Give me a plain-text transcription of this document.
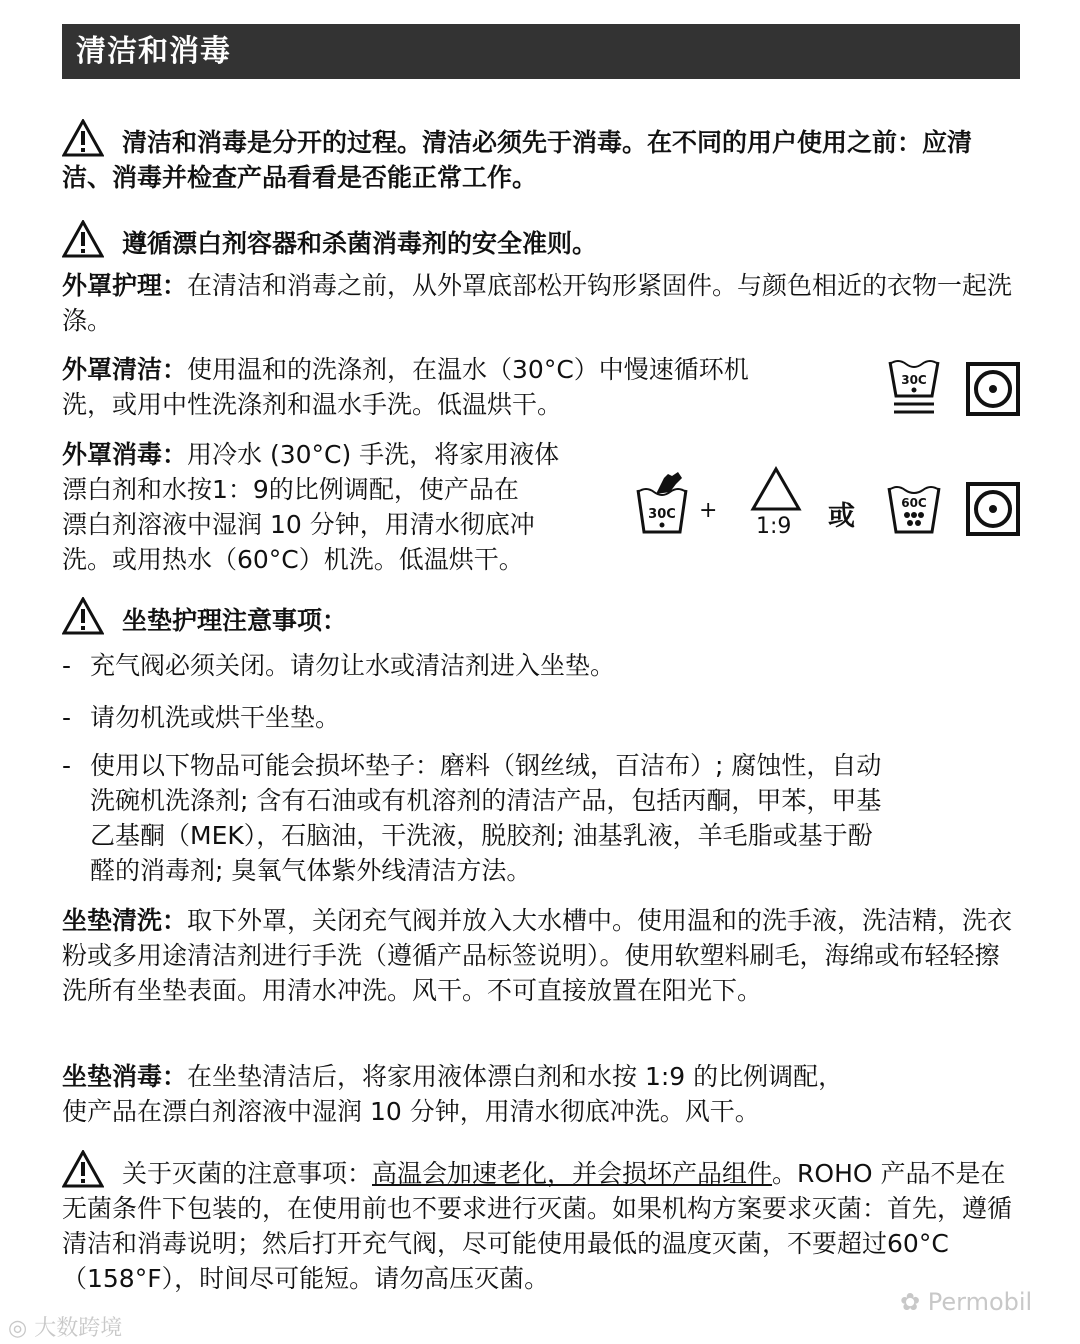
清洁和消毒
清洁和消毒是分开的过程。清洁必须先于消毒。在不同的用户使用之前：应清洁、消毒并检查产品看看是否能正常工作。
遵循漂白剂容器和杀菌消毒剂的安全准则。
外罩护理：在清洁和消毒之前，从外罩底部松开钩形紧固件。与颜色相近的衣物一起洗涤。
外罩清洁：使用温和的洗涤剂，在温水（30°C）中慢速循环机
洗，或用中性洗涤剂和温水手洗。低温烘干。
30C
外罩消毒：用冷水 (30°C) 手洗，将家用液体
漂白剂和水按1：9的比例调配，使产品在
漂白剂溶液中湿润 10 分钟，用清水彻底冲
洗。或用热水（60°C）机洗。低温烘干。
30C +
1:9 或	60C
坐垫护理注意事项：
- 充气阀必须关闭。请勿让水或清洁剂进入坐垫。
- 请勿机洗或烘干坐垫。
- 使用以下物品可能会损坏垫子：磨料（钢丝绒，百洁布）; 腐蚀性，自动
洗碗机洗涤剂; 含有石油或有机溶剂的清洁产品，包括丙酮，甲苯，甲基
乙基酮（MEK），石脑油，干洗液，脱胶剂; 油基乳液，羊毛脂或基于酚
醛的消毒剂; 臭氧气体紫外线清洁方法。
坐垫清洗：取下外罩，关闭充气阀并放入大水槽中。使用温和的洗手液，洗洁精，洗衣粉或多用途清洁剂进行手洗（遵循产品标签说明）。使用软塑料刷毛，海绵或布轻轻擦洗所有坐垫表面。用清水冲洗。风干。不可直接放置在阳光下。
坐垫消毒：在坐垫清洁后，将家用液体漂白剂和水按 1:9 的比例调配，
使产品在漂白剂溶液中湿润 10 分钟，用清水彻底冲洗。风干。
关于灭菌的注意事项：高温会加速老化，并会损坏产品组件。ROHO 产品不是在无菌条件下包装的，在使用前也不要求进行灭菌。如果机构方案要求灭菌：首先，遵循清洁和消毒说明；然后打开充气阀，尽可能使用最低的温度灭菌，不要超过60°C（158°F），时间尽可能短。请勿高压灭菌。
◎ 大数跨境
✿ Permobil
